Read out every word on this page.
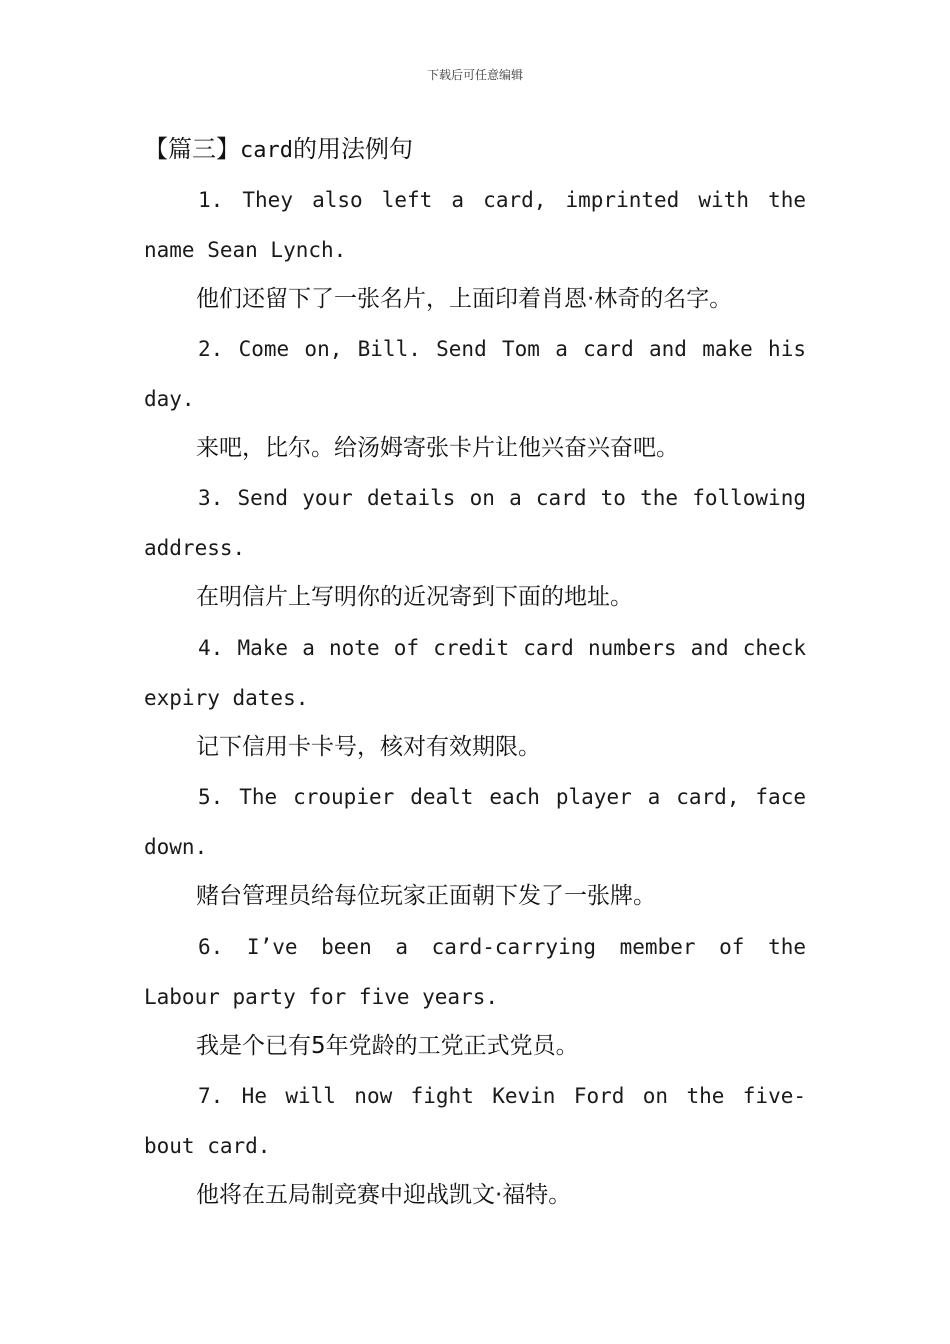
下载后可任意编辑
【篇三】card的用法例句
1. They also left a card, imprinted with the
name Sean Lynch.
他们还留下了一张名片，上面印着肖恩·林奇的名字。
2. Come on, Bill. Send Tom a card and make his
day.
来吧，比尔。给汤姆寄张卡片让他兴奋兴奋吧。
3. Send your details on a card to the following
address.
在明信片上写明你的近况寄到下面的地址。
4. Make a note of credit card numbers and check
expiry dates.
记下信用卡卡号，核对有效期限。
5. The croupier dealt each player a card, face
down.
赌台管理员给每位玩家正面朝下发了一张牌。
6. I’ve been a card-carrying member of the
Labour party for five years.
我是个已有5年党龄的工党正式党员。
7. He will now fight Kevin Ford on the five-
bout card.
他将在五局制竞赛中迎战凯文·福特。
